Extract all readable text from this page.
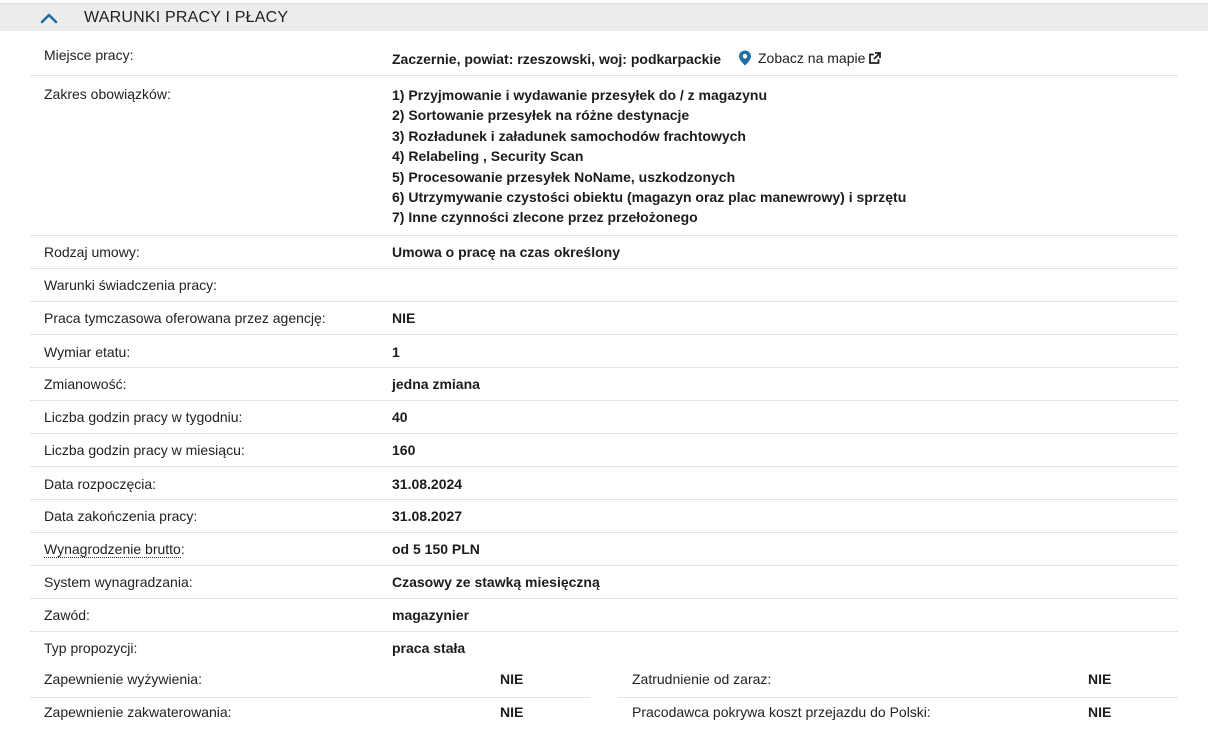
WARUNKI PRACY I PŁACY
Miejsce pracy:	Zaczernie, powiat: rzeszowski, woj: podkarpackie	Zobacz na mapie
Zakres obowiązków:	1) Przyjmowanie i wydawanie przesyłek do / z magazynu
2) Sortowanie przesyłek na różne destynacje
3) Rozładunek i załadunek samochodów frachtowych
4) Relabeling , Security Scan
5) Procesowanie przesyłek NoName, uszkodzonych
6) Utrzymywanie czystości obiektu (magazyn oraz plac manewrowy) i sprzętu
7) Inne czynności zlecone przez przełożonego
Rodzaj umowy:	Umowa o pracę na czas określony
Warunki świadczenia pracy:
Praca tymczasowa oferowana przez agencję:	NIE
Wymiar etatu:	1
Zmianowość:	jedna zmiana
Liczba godzin pracy w tygodniu:	40
Liczba godzin pracy w miesiącu:	160
Data rozpoczęcia:	31.08.2024
Data zakończenia pracy:	31.08.2027
Wynagrodzenie brutto:	od 5 150 PLN
System wynagradzania:	Czasowy ze stawką miesięczną
Zawód:	magazynier
Typ propozycji:	praca stała
Zapewnienie wyżywienia:	NIE	Zatrudnienie od zaraz:	NIE
Zapewnienie zakwaterowania:	NIE	Pracodawca pokrywa koszt przejazdu do Polski:	NIE
